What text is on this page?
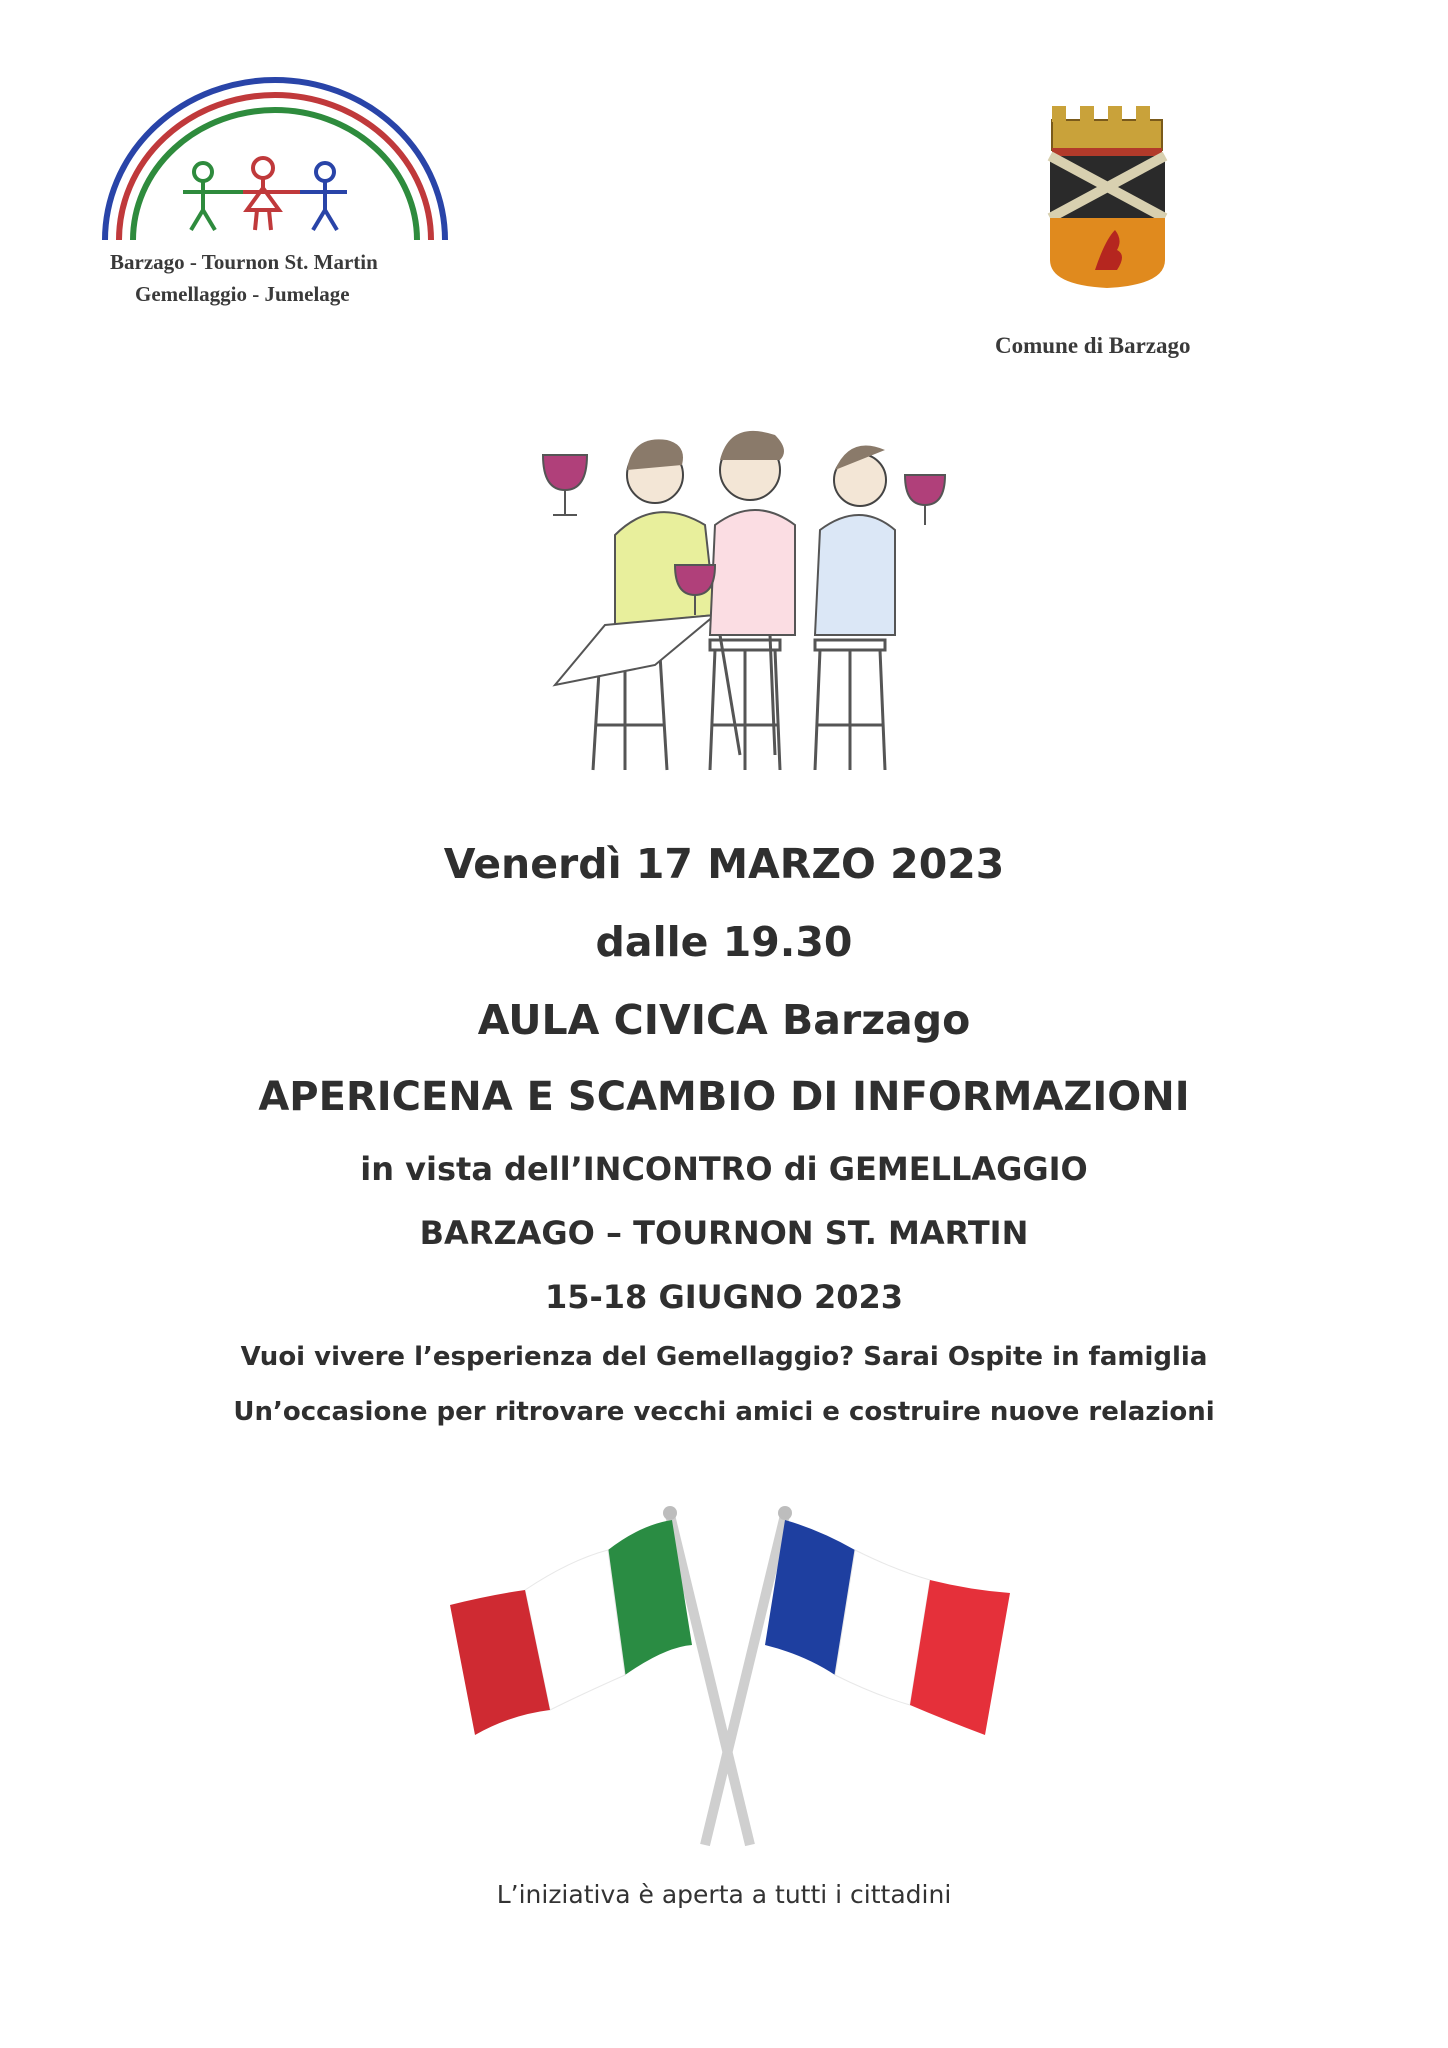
Barzago - Tournon St. Martin
Gemellaggio - Jumelage
Comune di Barzago
Venerdì 17 MARZO 2023
dalle 19.30
AULA CIVICA Barzago
APERICENA E SCAMBIO DI INFORMAZIONI
in vista dell’INCONTRO di GEMELLAGGIO
BARZAGO – TOURNON ST. MARTIN
15-18 GIUGNO 2023
Vuoi vivere l’esperienza del Gemellaggio? Sarai Ospite in famiglia
Un’occasione per ritrovare vecchi amici e costruire nuove relazioni
L’iniziativa è aperta a tutti i cittadini
